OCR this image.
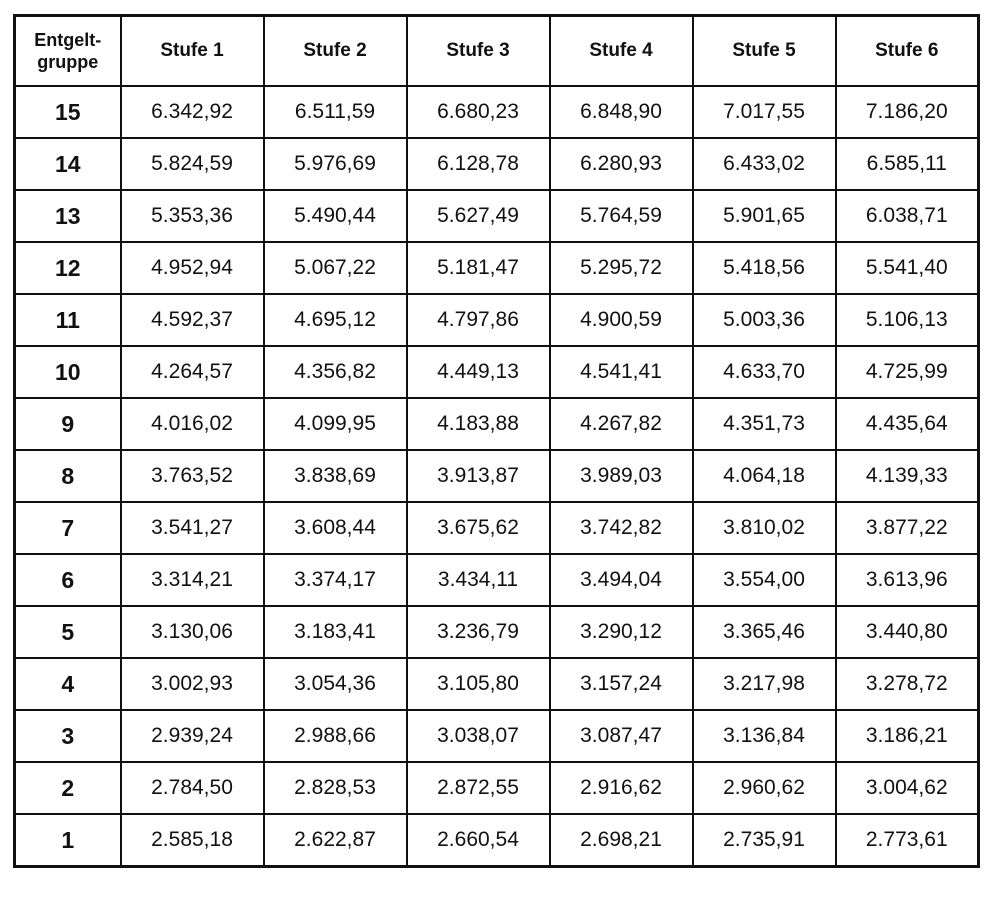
Entgelt-
gruppe	Stufe 1	Stufe 2	Stufe 3	Stufe 4	Stufe 5	Stufe 6
15	6.342,92	6.511,59	6.680,23	6.848,90	7.017,55	7.186,20
14	5.824,59	5.976,69	6.128,78	6.280,93	6.433,02	6.585,11
13	5.353,36	5.490,44	5.627,49	5.764,59	5.901,65	6.038,71
12	4.952,94	5.067,22	5.181,47	5.295,72	5.418,56	5.541,40
11	4.592,37	4.695,12	4.797,86	4.900,59	5.003,36	5.106,13
10	4.264,57	4.356,82	4.449,13	4.541,41	4.633,70	4.725,99
9	4.016,02	4.099,95	4.183,88	4.267,82	4.351,73	4.435,64
8	3.763,52	3.838,69	3.913,87	3.989,03	4.064,18	4.139,33
7	3.541,27	3.608,44	3.675,62	3.742,82	3.810,02	3.877,22
6	3.314,21	3.374,17	3.434,11	3.494,04	3.554,00	3.613,96
5	3.130,06	3.183,41	3.236,79	3.290,12	3.365,46	3.440,80
4	3.002,93	3.054,36	3.105,80	3.157,24	3.217,98	3.278,72
3	2.939,24	2.988,66	3.038,07	3.087,47	3.136,84	3.186,21
2	2.784,50	2.828,53	2.872,55	2.916,62	2.960,62	3.004,62
1	2.585,18	2.622,87	2.660,54	2.698,21	2.735,91	2.773,61
